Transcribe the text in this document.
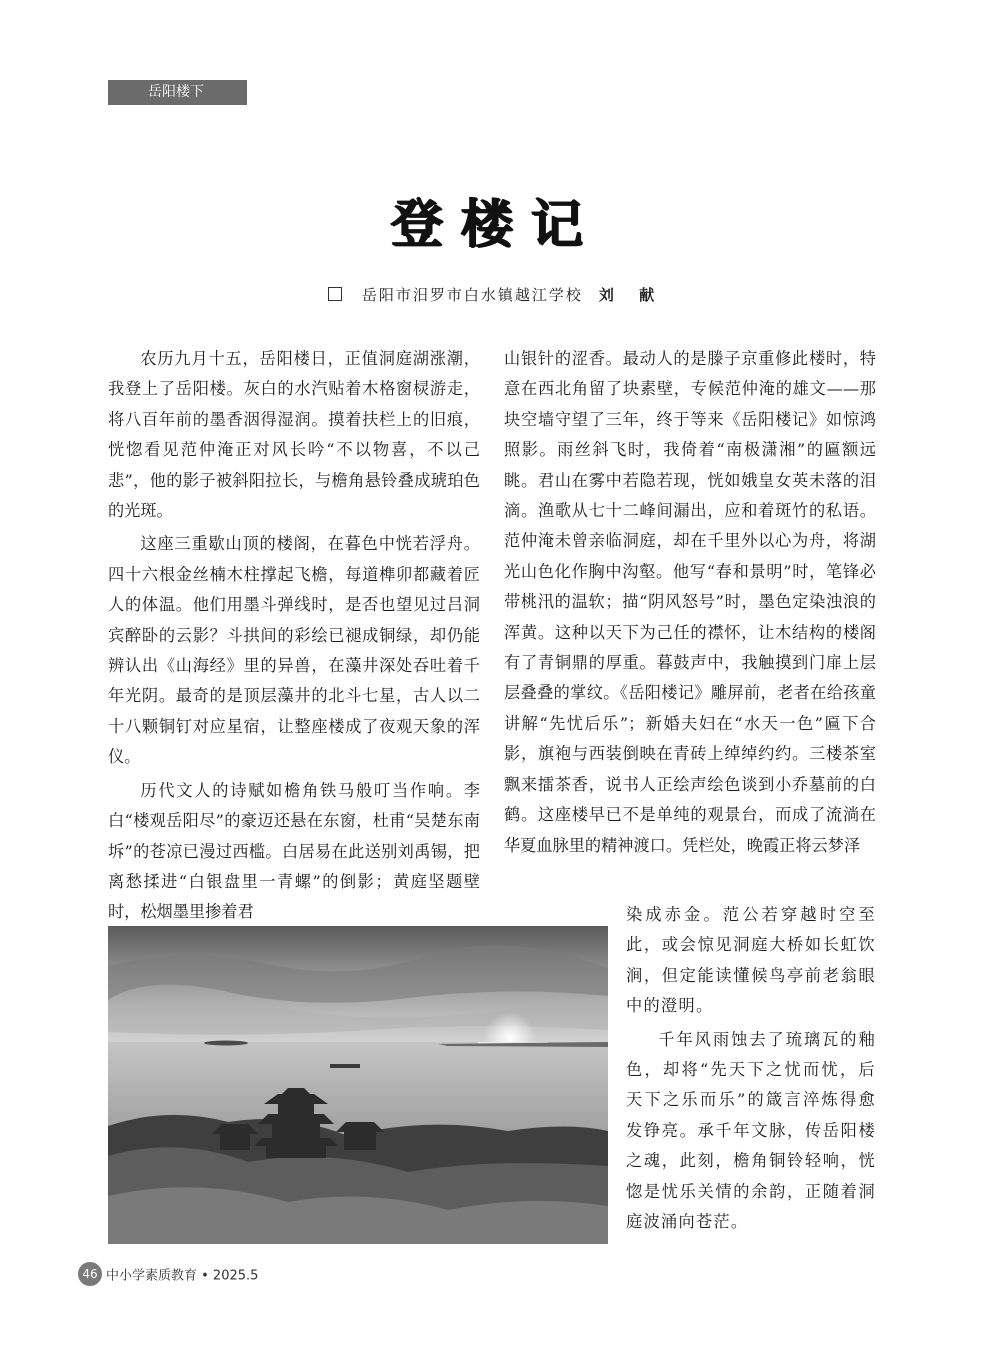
岳阳楼下
登楼记
岳阳市汨罗市白水镇越江学校 刘 献

农历九月十五，岳阳楼日，正值洞庭湖涨潮，我登上了岳阳楼。灰白的水汽贴着木格窗棂游走，将八百年前的墨香洇得湿润。摸着扶栏上的旧痕，恍惚看见范仲淹正对风长吟“不以物喜，不以己悲”，他的影子被斜阳拉长，与檐角悬铃叠成琥珀色的光斑。

这座三重歇山顶的楼阁，在暮色中恍若浮舟。四十六根金丝楠木柱撑起飞檐，每道榫卯都藏着匠人的体温。他们用墨斗弹线时，是否也望见过吕洞宾醉卧的云影？斗拱间的彩绘已褪成铜绿，却仍能辨认出《山海经》里的异兽，在藻井深处吞吐着千年光阴。最奇的是顶层藻井的北斗七星，古人以二十八颗铜钉对应星宿，让整座楼成了夜观天象的浑仪。

历代文人的诗赋如檐角铁马般叮当作响。李白“楼观岳阳尽”的豪迈还悬在东窗，杜甫“吴楚东南坼”的苍凉已漫过西槛。白居易在此送别刘禹锡，把离愁揉进“白银盘里一青螺”的倒影；黄庭坚题壁时，松烟墨里掺着君

山银针的涩香。最动人的是滕子京重修此楼时，特意在西北角留了块素壁，专候范仲淹的雄文——那块空墙守望了三年，终于等来《岳阳楼记》如惊鸿照影。雨丝斜飞时，我倚着“南极潇湘”的匾额远眺。君山在雾中若隐若现，恍如娥皇女英未落的泪滴。渔歌从七十二峰间漏出，应和着斑竹的私语。范仲淹未曾亲临洞庭，却在千里外以心为舟，将湖光山色化作胸中沟壑。他写“春和景明”时，笔锋必带桃汛的温软；描“阴风怒号”时，墨色定染浊浪的浑黄。这种以天下为己任的襟怀，让木结构的楼阁有了青铜鼎的厚重。暮鼓声中，我触摸到门扉上层层叠叠的掌纹。《岳阳楼记》雕屏前，老者在给孩童讲解“先忧后乐”；新婚夫妇在“水天一色”匾下合影，旗袍与西装倒映在青砖上绰绰约约。三楼茶室飘来擂茶香，说书人正绘声绘色谈到小乔墓前的白鹤。这座楼早已不是单纯的观景台，而成了流淌在华夏血脉里的精神渡口。凭栏处，晚霞正将云梦泽

染成赤金。范公若穿越时空至此，或会惊见洞庭大桥如长虹饮涧，但定能读懂候鸟亭前老翁眼中的澄明。

千年风雨蚀去了琉璃瓦的釉色，却将“先天下之忧而忧，后天下之乐而乐”的箴言淬炼得愈发铮亮。承千年文脉，传岳阳楼之魂，此刻，檐角铜铃轻响，恍惚是忧乐关情的余韵，正随着洞庭波涌向苍茫。

46 中小学素质教育 • 2025.5
